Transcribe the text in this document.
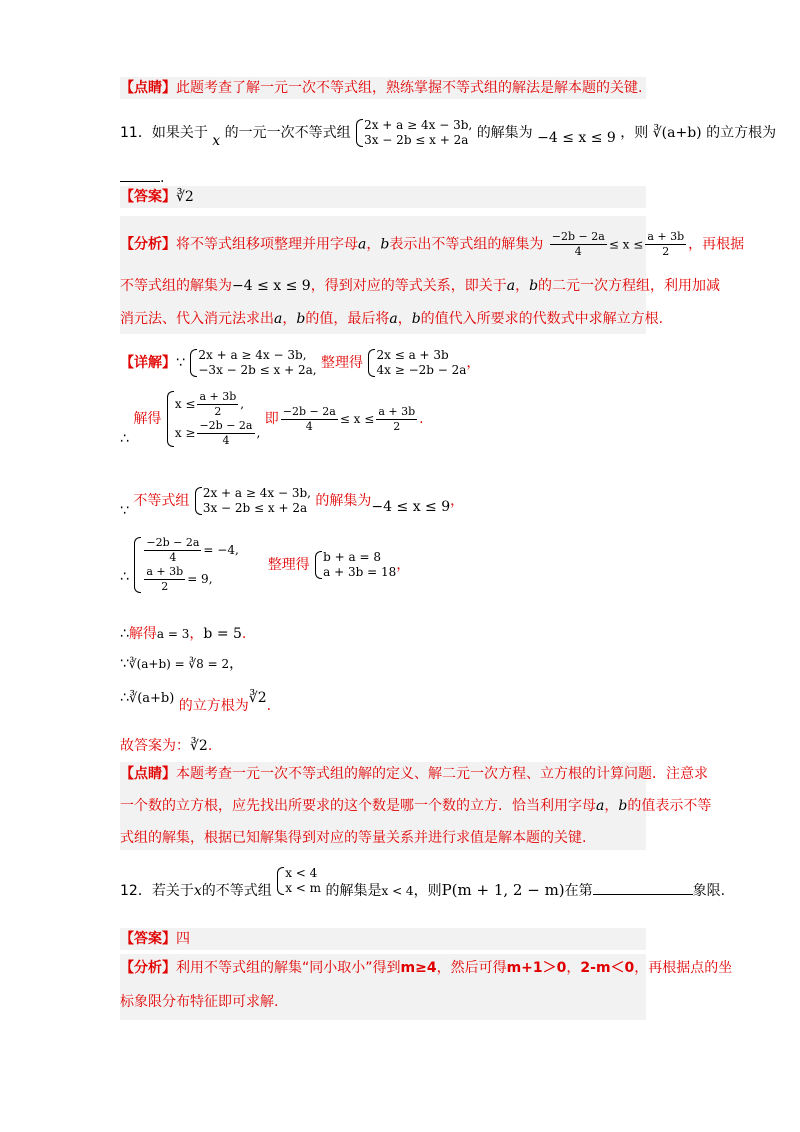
【点睛】此题考查了解一元一次不等式组，熟练掌握不等式组的解法是解本题的关键.
11．如果关于 x 的一元一次不等式组 2x + a ≥ 4x − 3b,
3x − 2b ≤ x + 2a 的解集为 −4 ≤ x ≤ 9 ，则 ∛(a+b) 的立方根为
.
【答案】∛2
【分析】将不等式组移项整理并用字母a，b表示出不等式组的解集为 $\frac{-2b - 2a}{4} \le x \le \frac{a + 3b}{2}$ ，再根据
不等式组的解集为−4 ≤ x ≤ 9，得到对应的等式关系，即关于a，b的二元一次方程组，利用加减
消元法、代入消元法求出a，b的值，最后将a，b的值代入所要求的代数式中求解立方根.
【详解】∵ 2x + a ≥ 4x − 3b,
−3x − 2b ≤ x + 2a, 整理得 2x ≤ a + 3b
4x ≥ −2b − 2a ，
∴ 解得
$x \le \frac{a + 3b}{2}$ ,
$x \ge \frac{-2b - 2a}{4}$ ,
即 $\frac{-2b - 2a}{4} \le x \le \frac{a + 3b}{2}$ .
∵ 不等式组 2x + a ≥ 4x − 3b,
3x − 2b ≤ x + 2a 的解集为−4 ≤ x ≤ 9，
∴
$\frac{-2b - 2a}{4} = -4$,
$\frac{a + 3b}{2} = 9$,
整理得 b + a = 8
a + 3b = 18 ，
∴解得a = 3，b = 5.
∵∛(a+b) = ∛8 = 2，
∴∛(a+b) 的立方根为∛2.
故答案为：∛2.
【点睛】本题考查一元一次不等式组的解的定义、解二元一次方程、立方根的计算问题．注意求
一个数的立方根，应先找出所要求的这个数是哪一个数的立方．恰当利用字母a，b的值表示不等
式组的解集，根据已知解集得到对应的等量关系并进行求值是解本题的关键.
12．若关于x的不等式组
x < 4
x < m 的解集是x < 4，则P(m + 1, 2 − m)在第	象限.
【答案】四
【分析】利用不等式组的解集“同小取小”得到m≥4，然后可得m+1＞0，2-m＜0，再根据点的坐
标象限分布特征即可求解.
